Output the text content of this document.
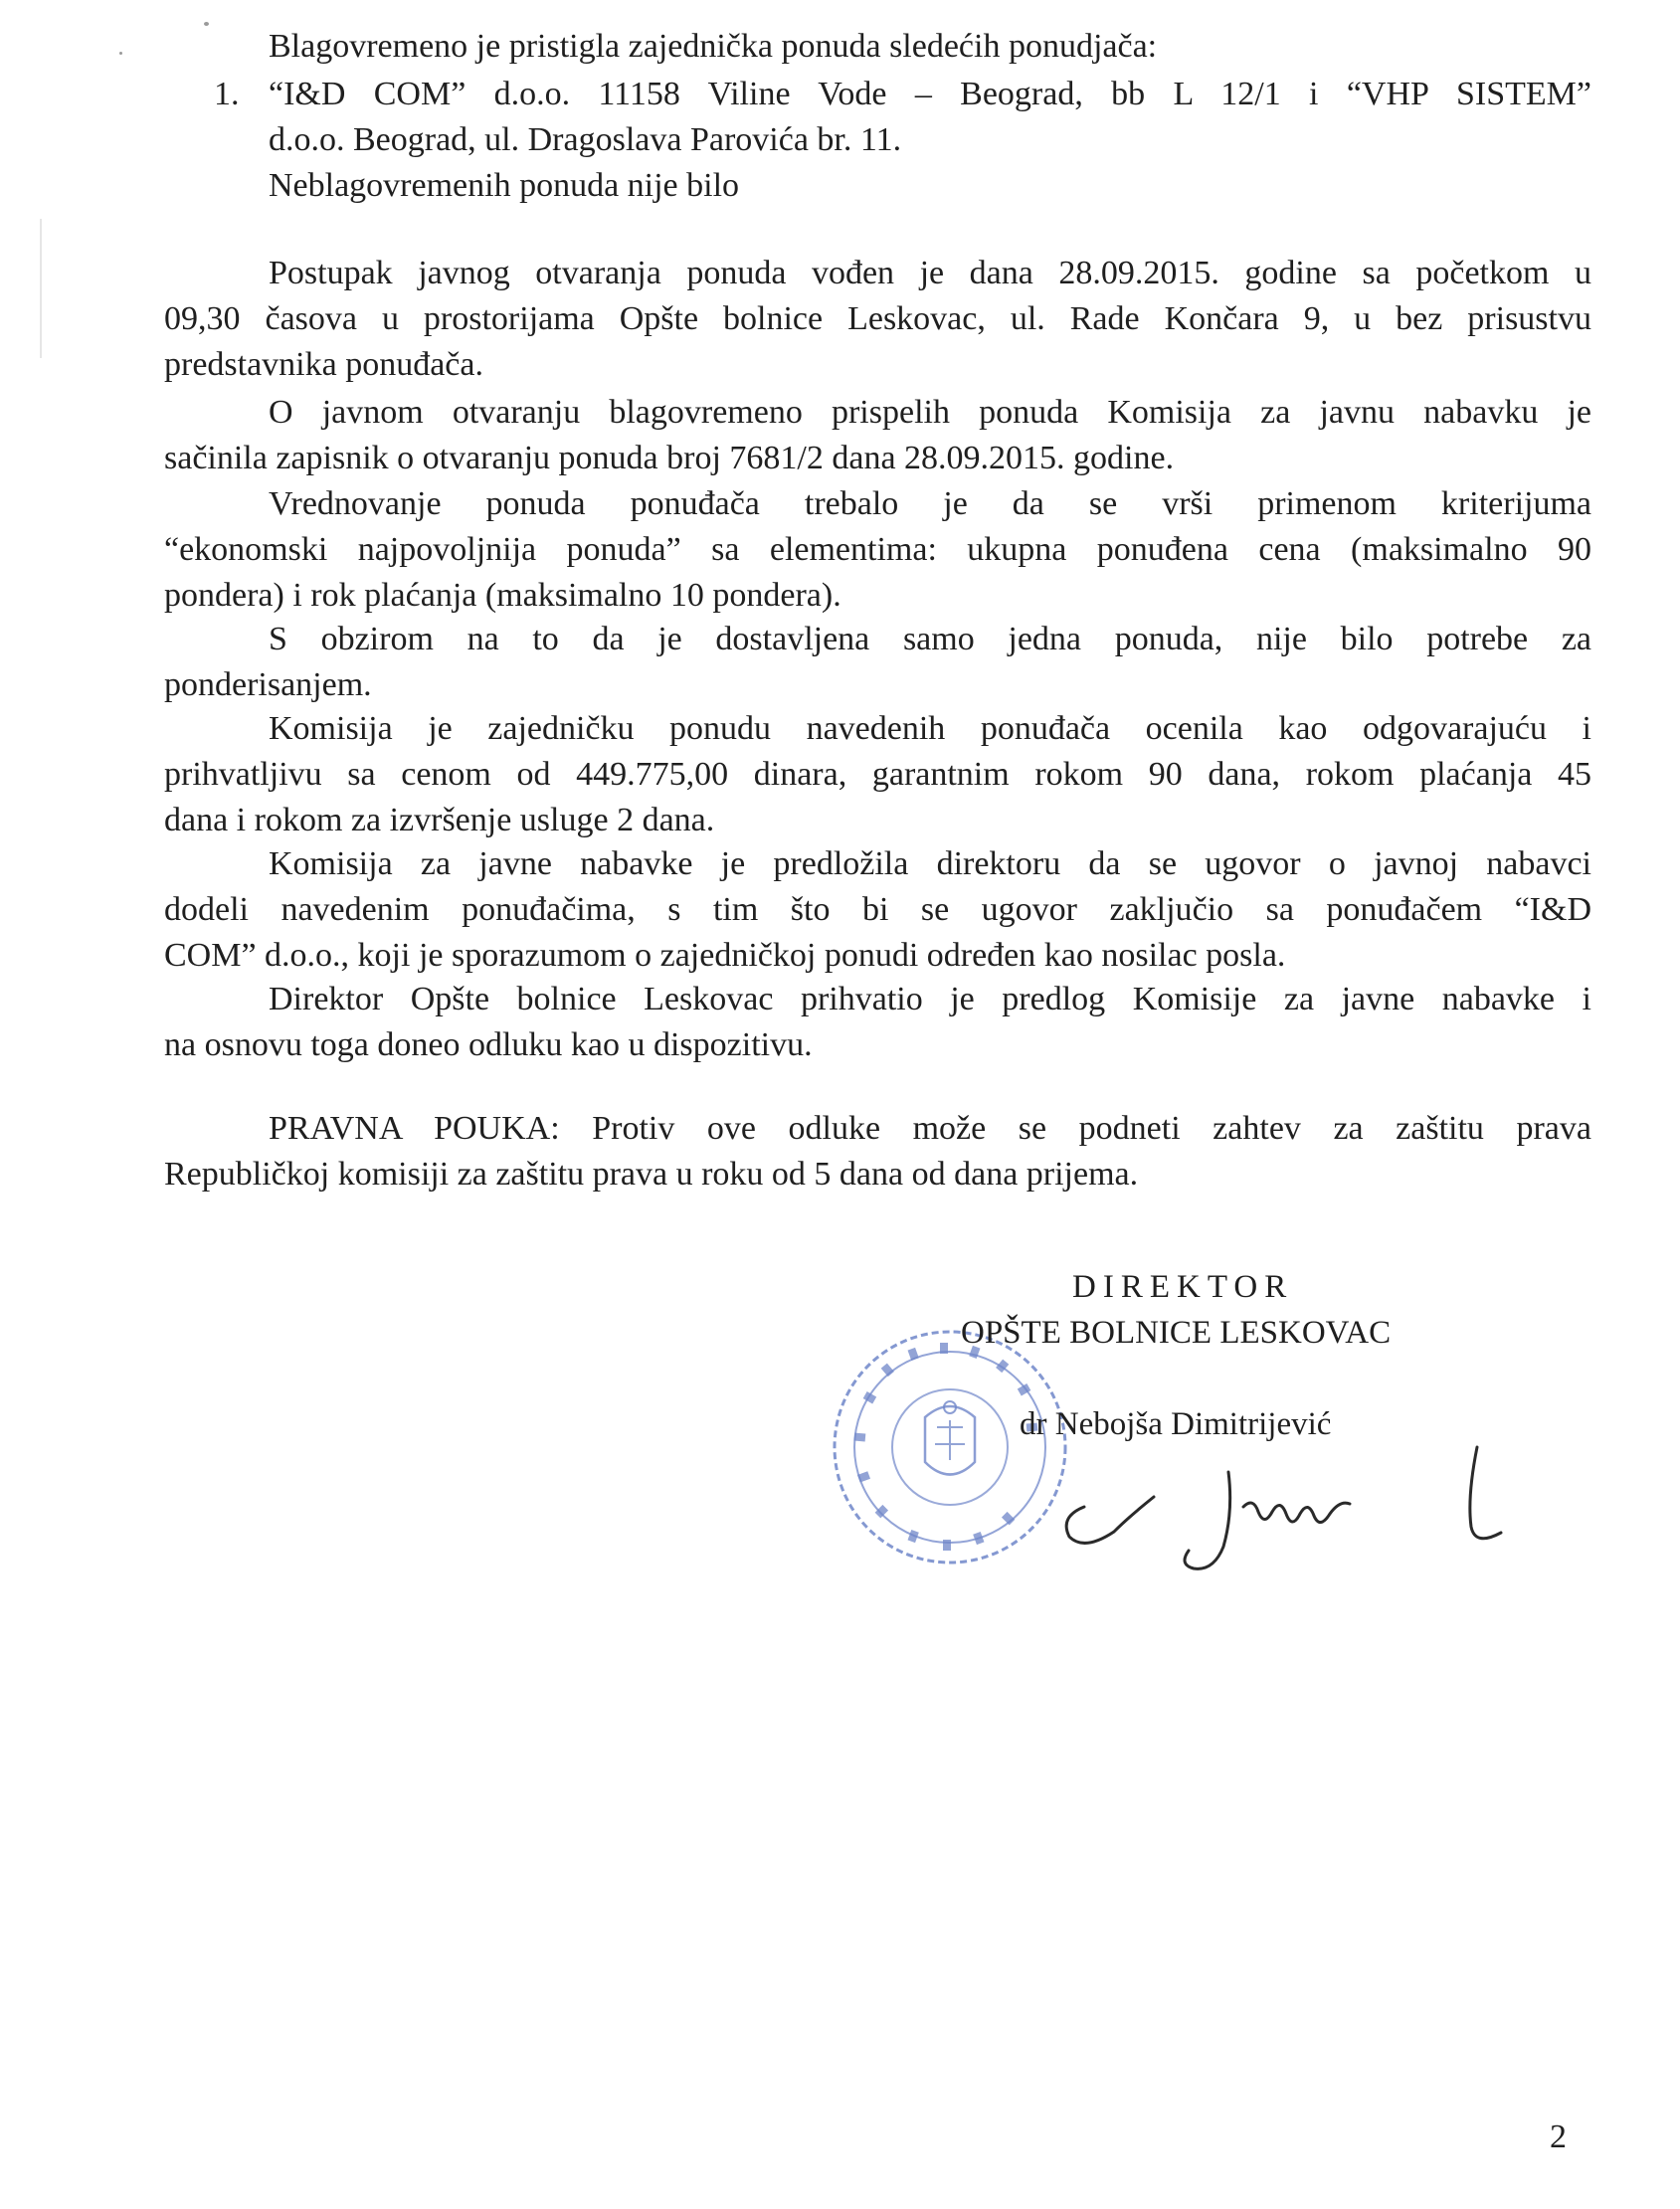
Blagovremeno je pristigla zajednička ponuda sledećih ponudjača:
1. “I&D COM” d.o.o. 11158 Viline Vode – Beograd, bb L 12/1 i “VHP SISTEM”
d.o.o. Beograd, ul. Dragoslava Parovića br. 11.
Neblagovremenih ponuda nije bilo
Postupak javnog otvaranja ponuda vođen je dana 28.09.2015. godine sa početkom u
09,30 časova u prostorijama Opšte bolnice Leskovac, ul. Rade Končara 9, u bez prisustvu
predstavnika ponuđača.
O javnom otvaranju blagovremeno prispelih ponuda Komisija za javnu nabavku je
sačinila zapisnik o otvaranju ponuda broj 7681/2 dana 28.09.2015. godine.
Vrednovanje ponuda ponuđača trebalo je da se vrši primenom kriterijuma
“ekonomski najpovoljnija ponuda” sa elementima: ukupna ponuđena cena (maksimalno 90
pondera) i rok plaćanja (maksimalno 10 pondera).
S obzirom na to da je dostavljena samo jedna ponuda, nije bilo potrebe za
ponderisanjem.
Komisija je zajedničku ponudu navedenih ponuđača ocenila kao odgovarajuću i
prihvatljivu sa cenom od 449.775,00 dinara, garantnim rokom 90 dana, rokom plaćanja 45
dana i rokom za izvršenje usluge 2 dana.
Komisija za javne nabavke je predložila direktoru da se ugovor o javnoj nabavci
dodeli navedenim ponuđačima, s tim što bi se ugovor zaključio sa ponuđačem “I&D
COM” d.o.o., koji je sporazumom o zajedničkoj ponudi određen kao nosilac posla.
Direktor Opšte bolnice Leskovac prihvatio je predlog Komisije za javne nabavke i
na osnovu toga doneo odluku kao u dispozitivu.
PRAVNA POUKA: Protiv ove odluke može se podneti zahtev za zaštitu prava
Republičkoj komisiji za zaštitu prava u roku od 5 dana od dana prijema.
DIREKTOR
OPŠTE BOLNICE LESKOVAC
dr Nebojša Dimitrijević
2
